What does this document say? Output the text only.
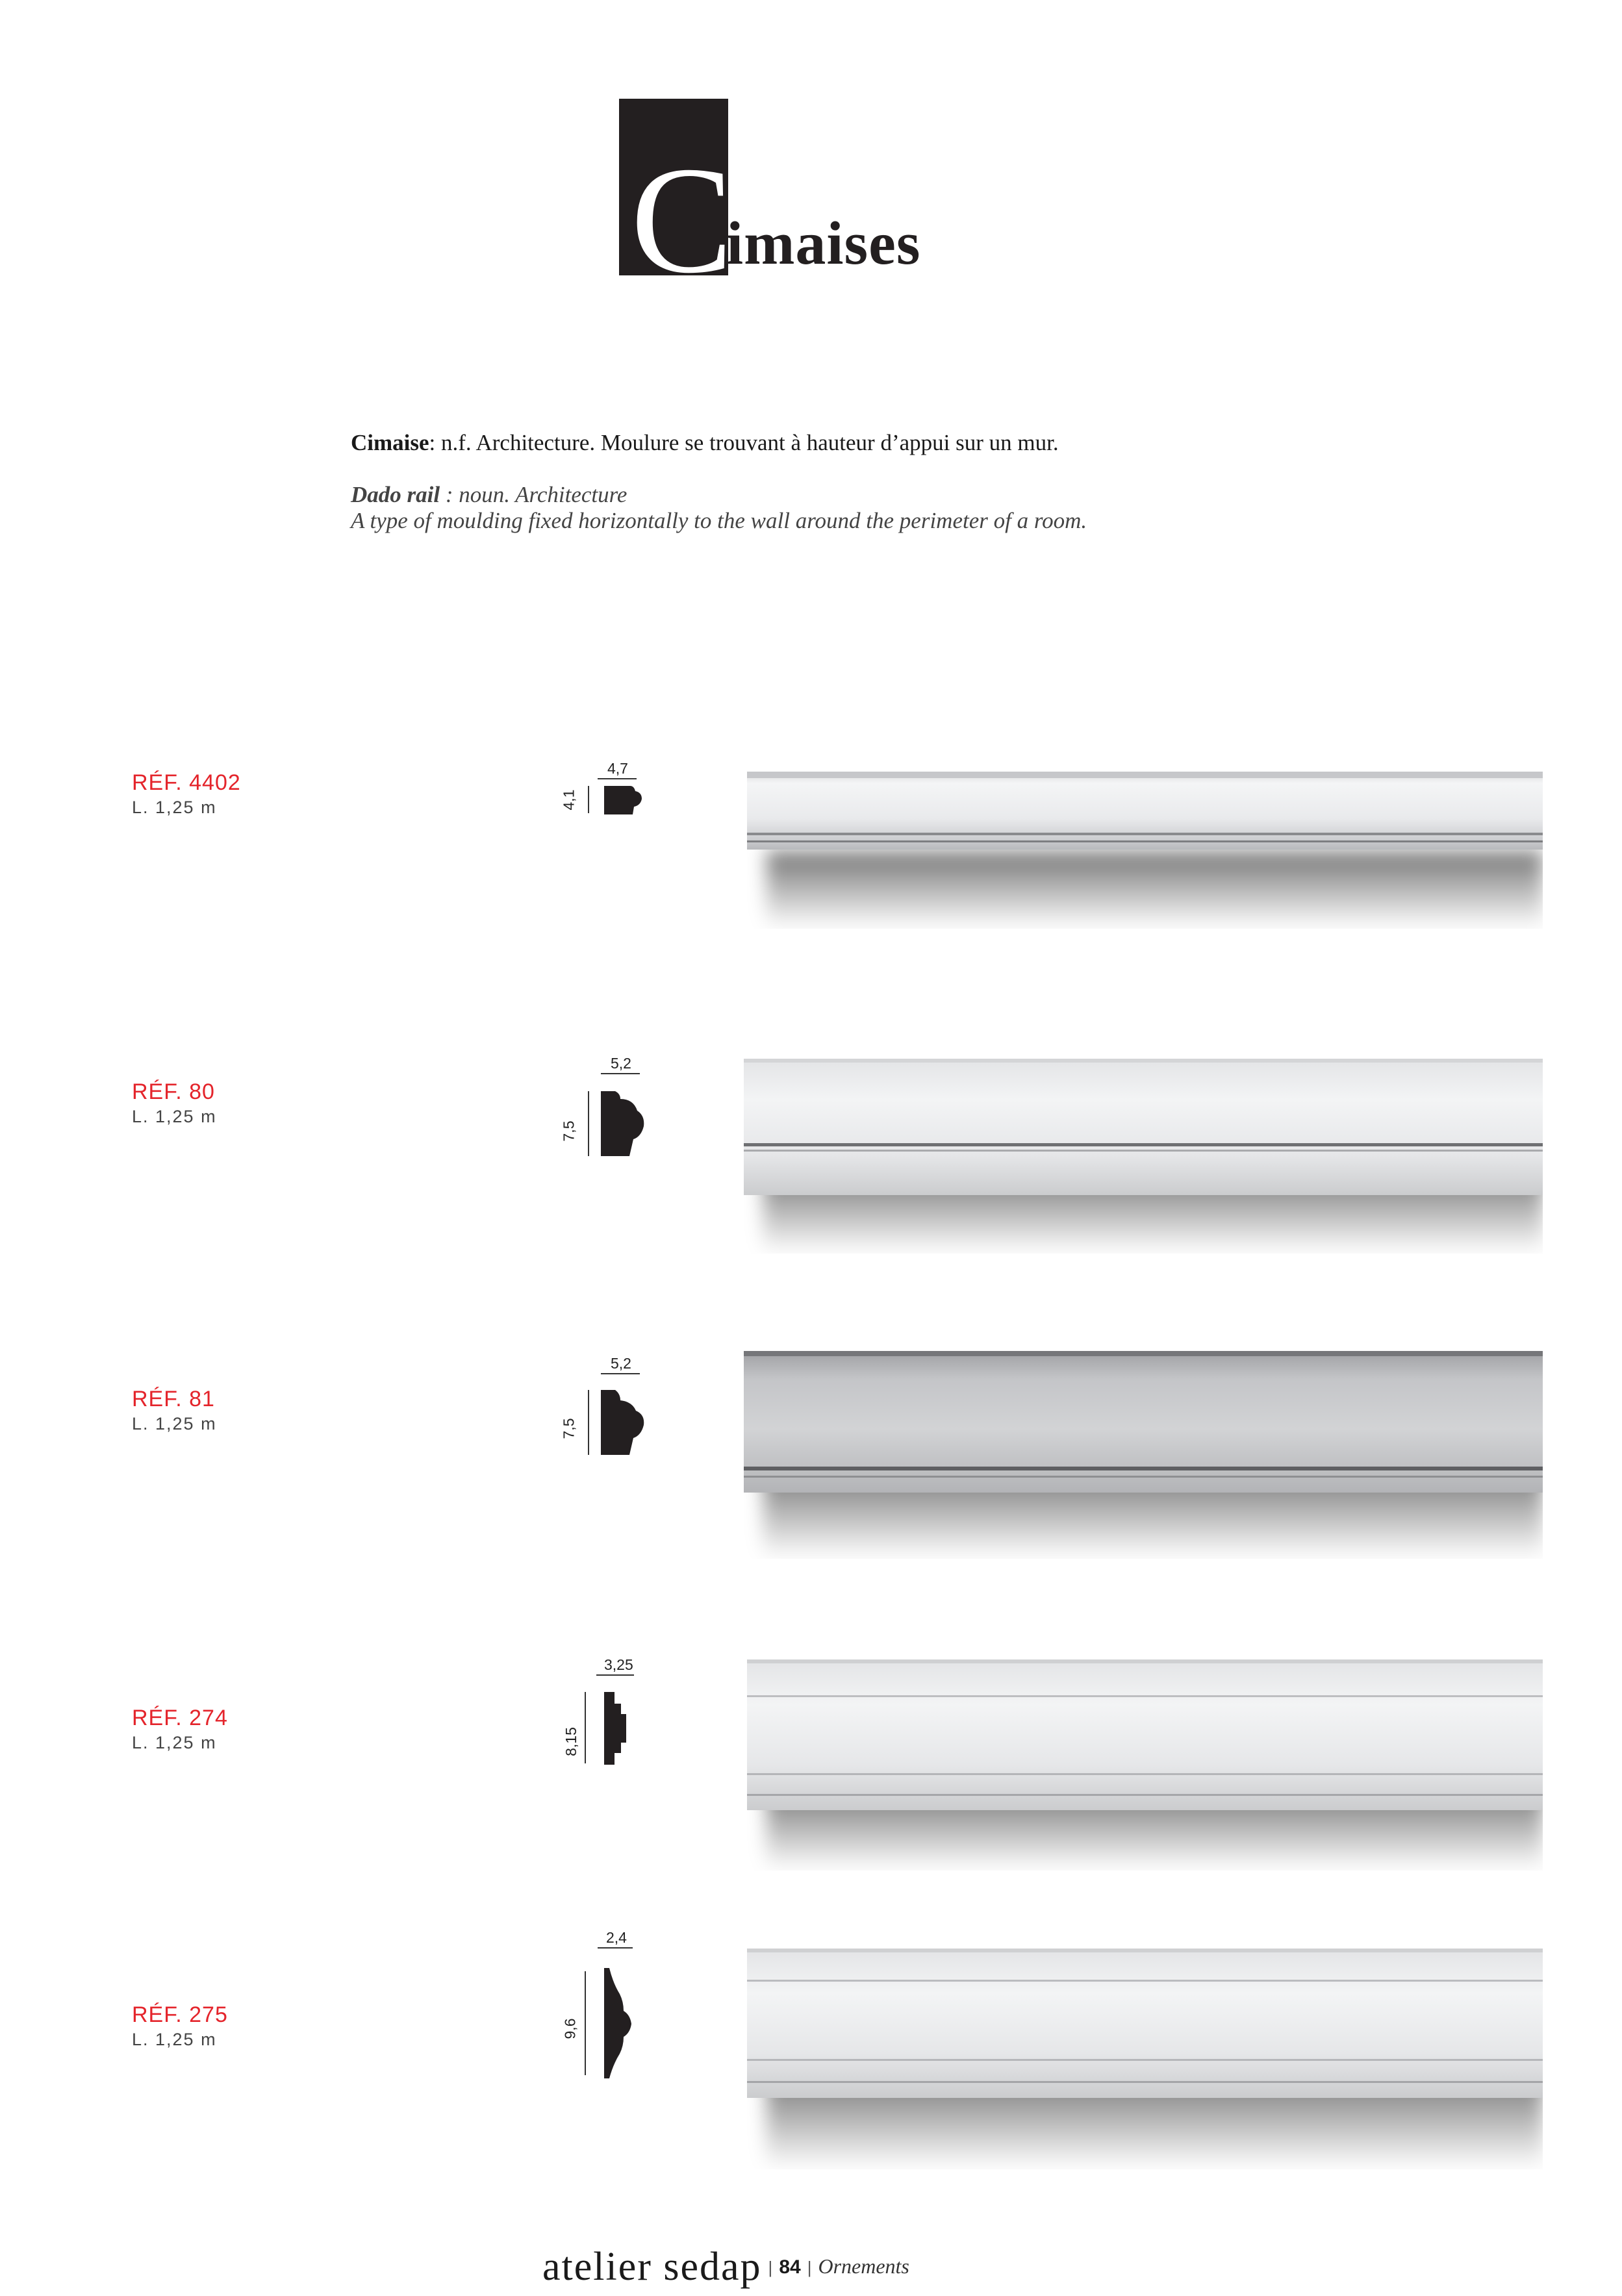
C
imaises
Cimaise: n.f. Architecture. Moulure se trouvant à hauteur d’appui sur un mur.
Dado rail : noun. Architecture
A type of moulding fixed horizontally to the wall around the perimeter of a room.
RÉF. 4402
L. 1,25 m
4,7
4,1
RÉF. 80
L. 1,25 m
5,2
7,5
RÉF. 81
L. 1,25 m
5,2
7,5
RÉF. 274
L. 1,25 m
3,25
8,15
RÉF. 275
L. 1,25 m
2,4
9,6
atelier sedap | 84 | Ornements
